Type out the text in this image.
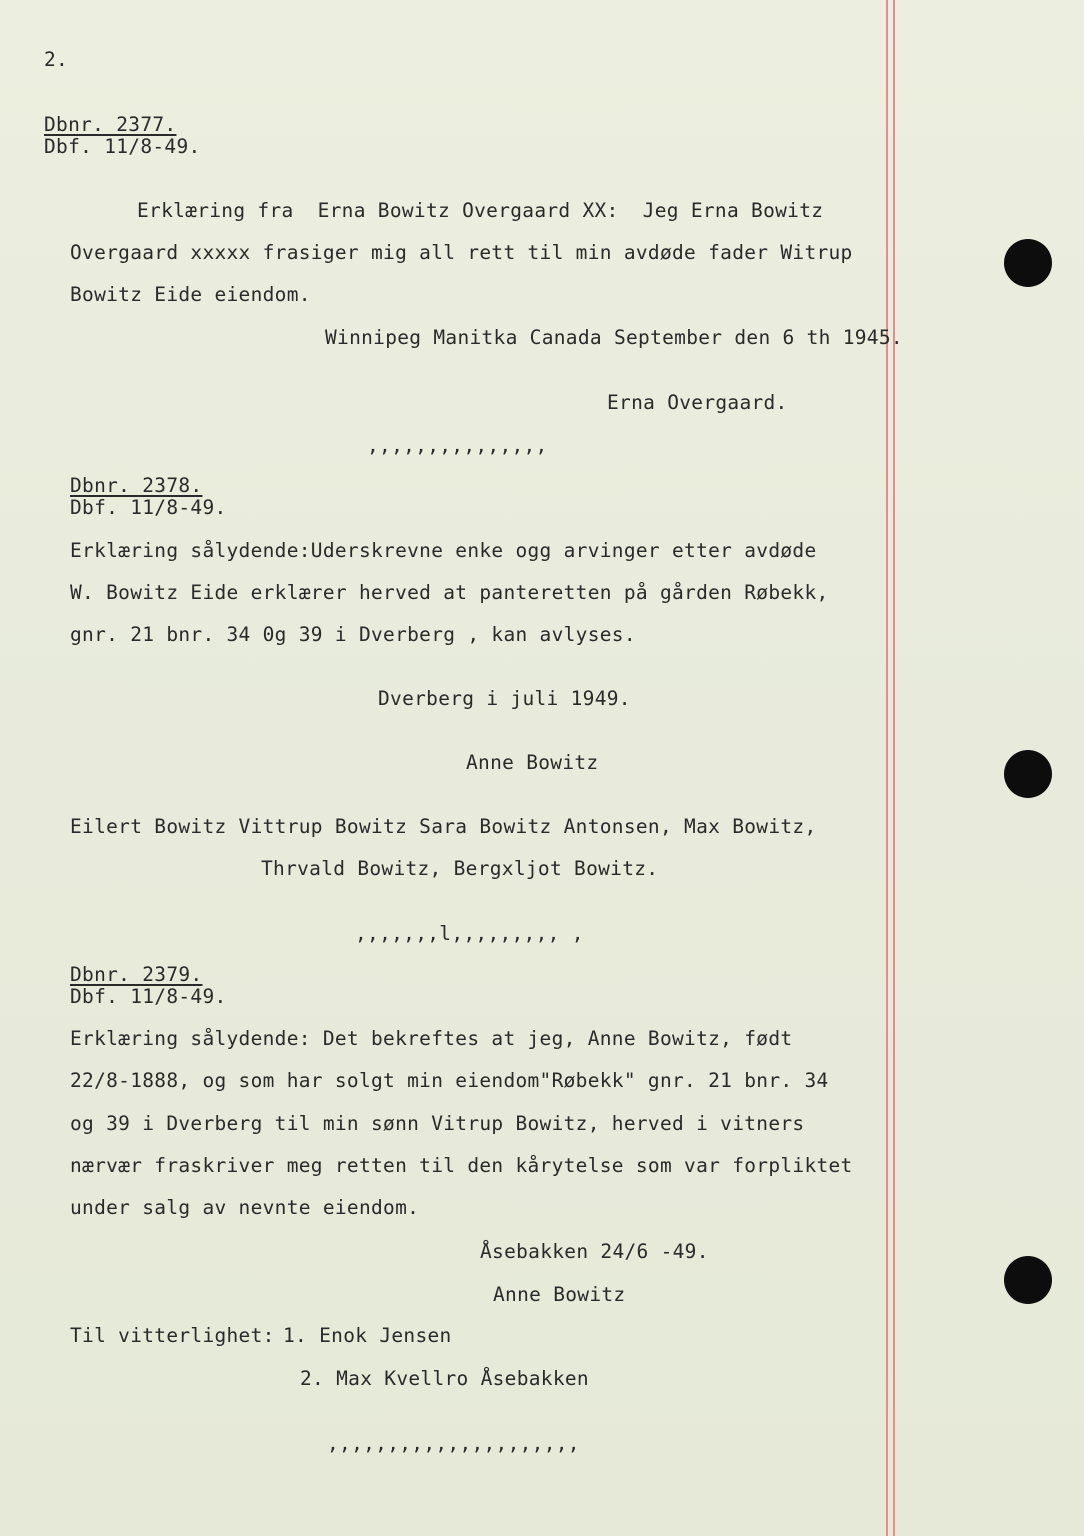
2.
Dbnr. 2377.
Dbf. 11/8-49.
Erklæring fra  Erna Bowitz Overgaard XX:  Jeg Erna Bowitz
Overgaard xxxxx frasiger mig all rett til min avdøde fader Witrup
Bowitz Eide eiendom.
Winnipeg Manitka Canada September den 6 th 1945.
Erna Overgaard.
,,,,,,,,,,,,,,,
Dbnr. 2378.
Dbf. 11/8-49.
Erklæring sålydende:Uderskrevne enke ogg arvinger etter avdøde
W. Bowitz Eide erklærer herved at panteretten på gården Røbekk,
gnr. 21 bnr. 34 0g 39 i Dverberg , kan avlyses.
Dverberg i juli 1949.
Anne Bowitz
Eilert Bowitz Vittrup Bowitz Sara Bowitz Antonsen, Max Bowitz,
Thrvald Bowitz, Bergxljot Bowitz.
,,,,,,,l,,,,,,,,, ,
Dbnr. 2379.
Dbf. 11/8-49.
Erklæring sålydende: Det bekreftes at jeg, Anne Bowitz, født
22/8-1888, og som har solgt min eiendom"Røbekk" gnr. 21 bnr. 34
og 39 i Dverberg til min sønn Vitrup Bowitz, herved i vitners
nærvær fraskriver meg retten til den kårytelse som var forpliktet
under salg av nevnte eiendom.
Åsebakken 24/6 -49.
Anne Bowitz
Til vitterlighet: 1. Enok Jensen
2. Max Kvellro Åsebakken
,,,,,,,,,,,,,,,,,,,,,
